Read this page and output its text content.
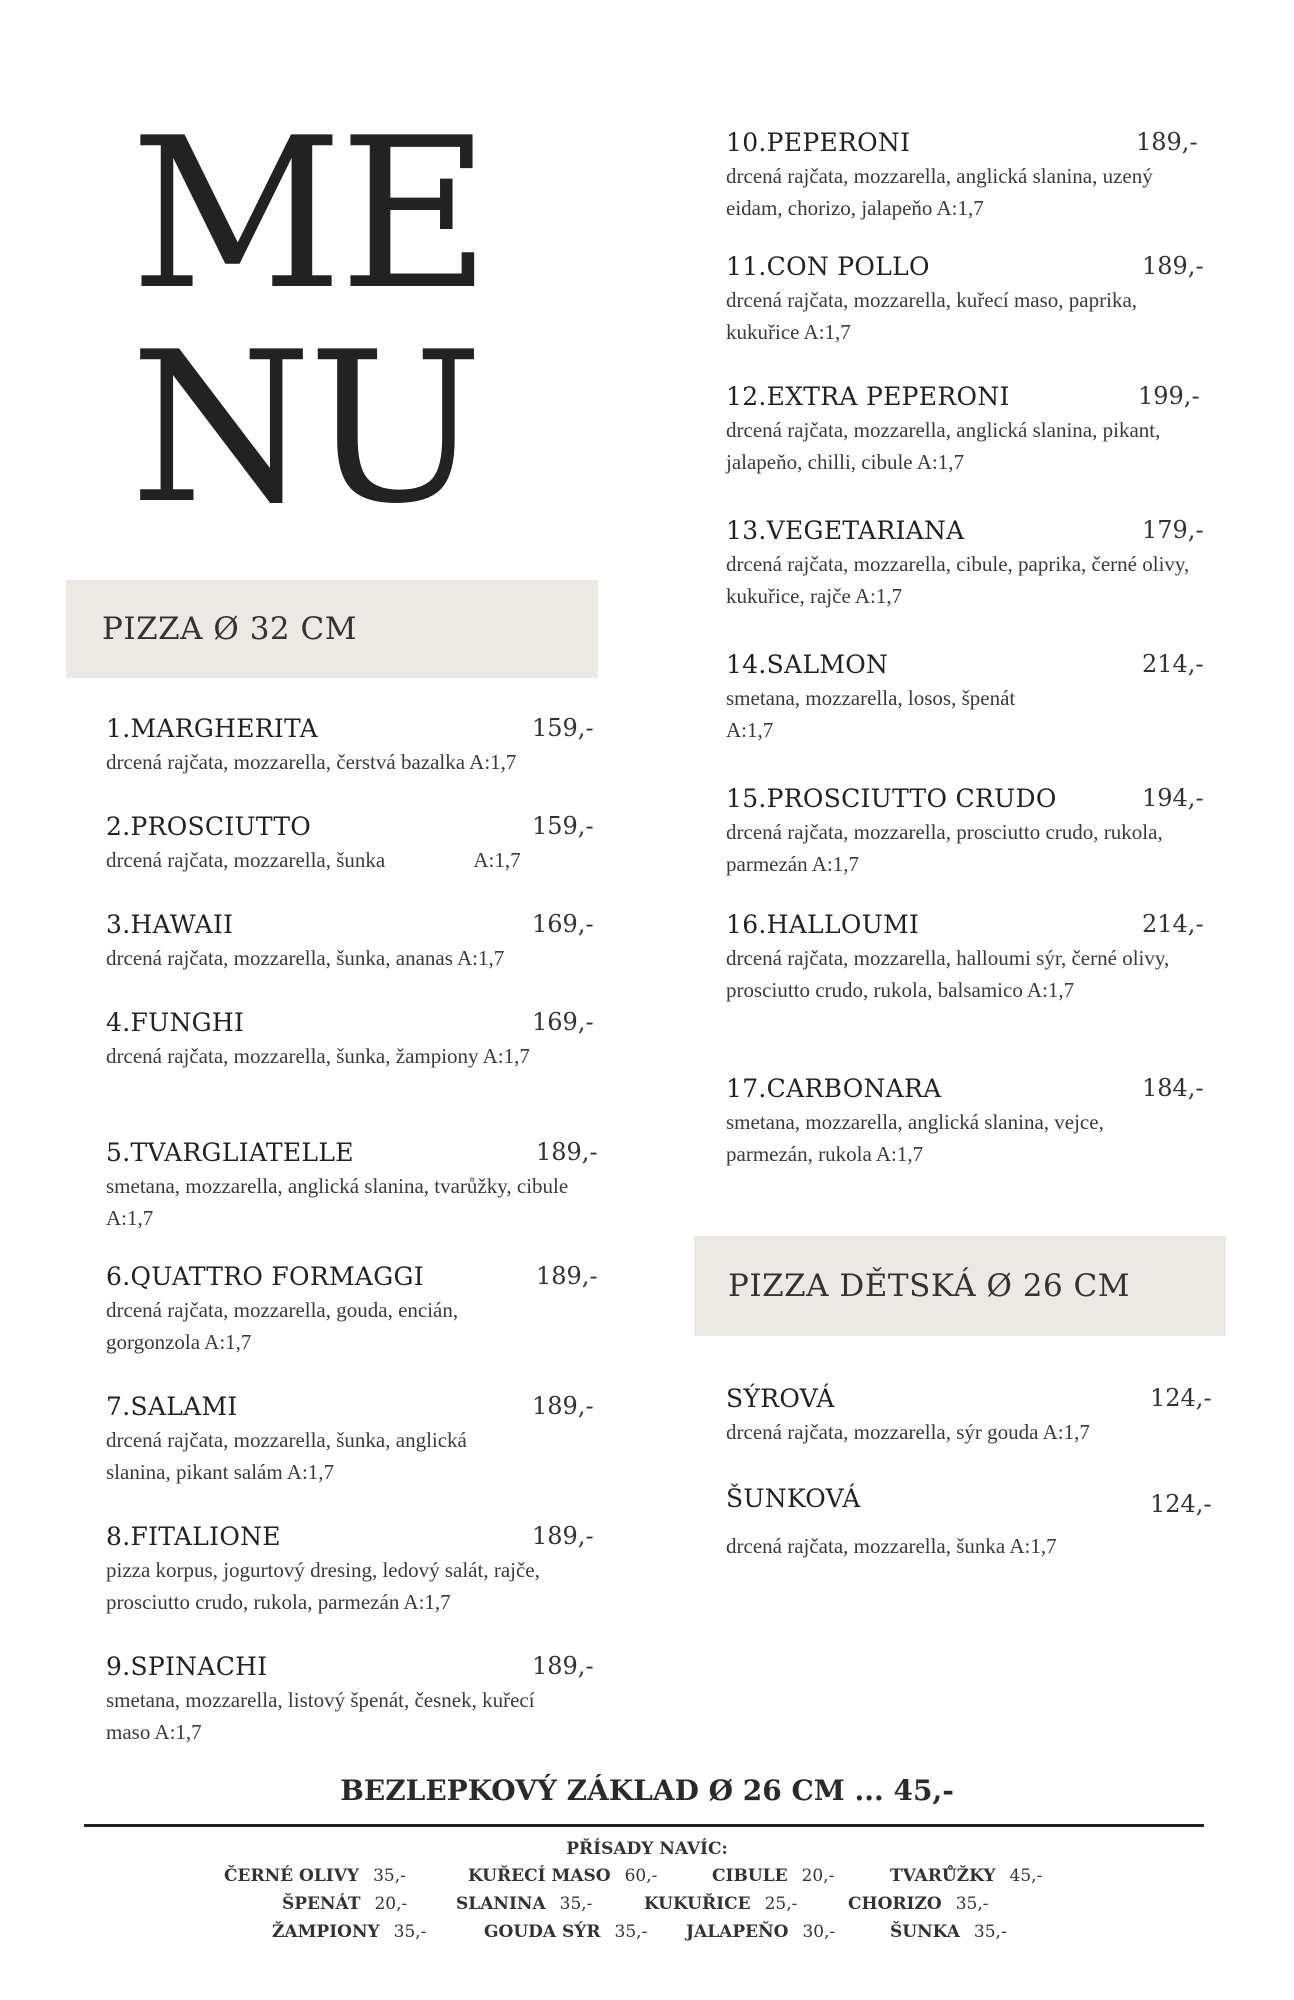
ME
NU
PIZZA Ø 32 CM
1.MARGHERITA	159,-
drcená rajčata, mozzarella, čerstvá bazalka A:1,7
2.PROSCIUTTO	159,-
drcená rajčata, mozzarella, šunka                 A:1,7
3.HAWAII	169,-
drcená rajčata, mozzarella, šunka, ananas A:1,7
4.FUNGHI	169,-
drcená rajčata, mozzarella, šunka, žampiony A:1,7
5.TVARGLIATELLE	189,-
smetana, mozzarella, anglická slanina, tvarůžky, cibule A:1,7
6.QUATTRO FORMAGGI	189,-
drcená rajčata, mozzarella, gouda, encián, gorgonzola A:1,7
7.SALAMI	189,-
drcená rajčata, mozzarella, šunka, anglická slanina, pikant salám A:1,7
8.FITALIONE	189,-
pizza korpus, jogurtový dresing, ledový salát, rajče, prosciutto crudo, rukola, parmezán A:1,7
9.SPINACHI	189,-
smetana, mozzarella, listový špenát, česnek, kuřecí maso A:1,7
10.PEPERONI	189,-
drcená rajčata, mozzarella, anglická slanina, uzený eidam, chorizo, jalapeňo A:1,7
11.CON POLLO	189,-
drcená rajčata, mozzarella, kuřecí maso, paprika, kukuřice A:1,7
12.EXTRA PEPERONI	199,-
drcená rajčata, mozzarella, anglická slanina, pikant, jalapeňo, chilli, cibule A:1,7
13.VEGETARIANA	179,-
drcená rajčata, mozzarella, cibule, paprika, černé olivy, kukuřice, rajče A:1,7
14.SALMON	214,-
smetana, mozzarella, losos, špenát A:1,7
15.PROSCIUTTO CRUDO	194,-
drcená rajčata, mozzarella, prosciutto crudo, rukola, parmezán A:1,7
16.HALLOUMI	214,-
drcená rajčata, mozzarella, halloumi sýr, černé olivy, prosciutto crudo, rukola, balsamico A:1,7
17.CARBONARA	184,-
smetana, mozzarella, anglická slanina, vejce, parmezán, rukola A:1,7
PIZZA DĚTSKÁ Ø 26 CM
SÝROVÁ	124,-
drcená rajčata, mozzarella, sýr gouda A:1,7
ŠUNKOVÁ	124,-
drcená rajčata, mozzarella, šunka A:1,7
BEZLEPKOVÝ ZÁKLAD Ø 26 CM ... 45,-
PŘÍSADY NAVÍC:
ČERNÉ OLIVY 35,-	KUŘECÍ MASO 60,-	CIBULE 20,-	TVARŮŽKY 45,-
ŠPENÁT 20,-	SLANINA 35,-	KUKUŘICE 25,-	CHORIZO 35,-
ŽAMPIONY 35,-	GOUDA SÝR 35,- JALAPEŇO 30,-	ŠUNKA 35,-
